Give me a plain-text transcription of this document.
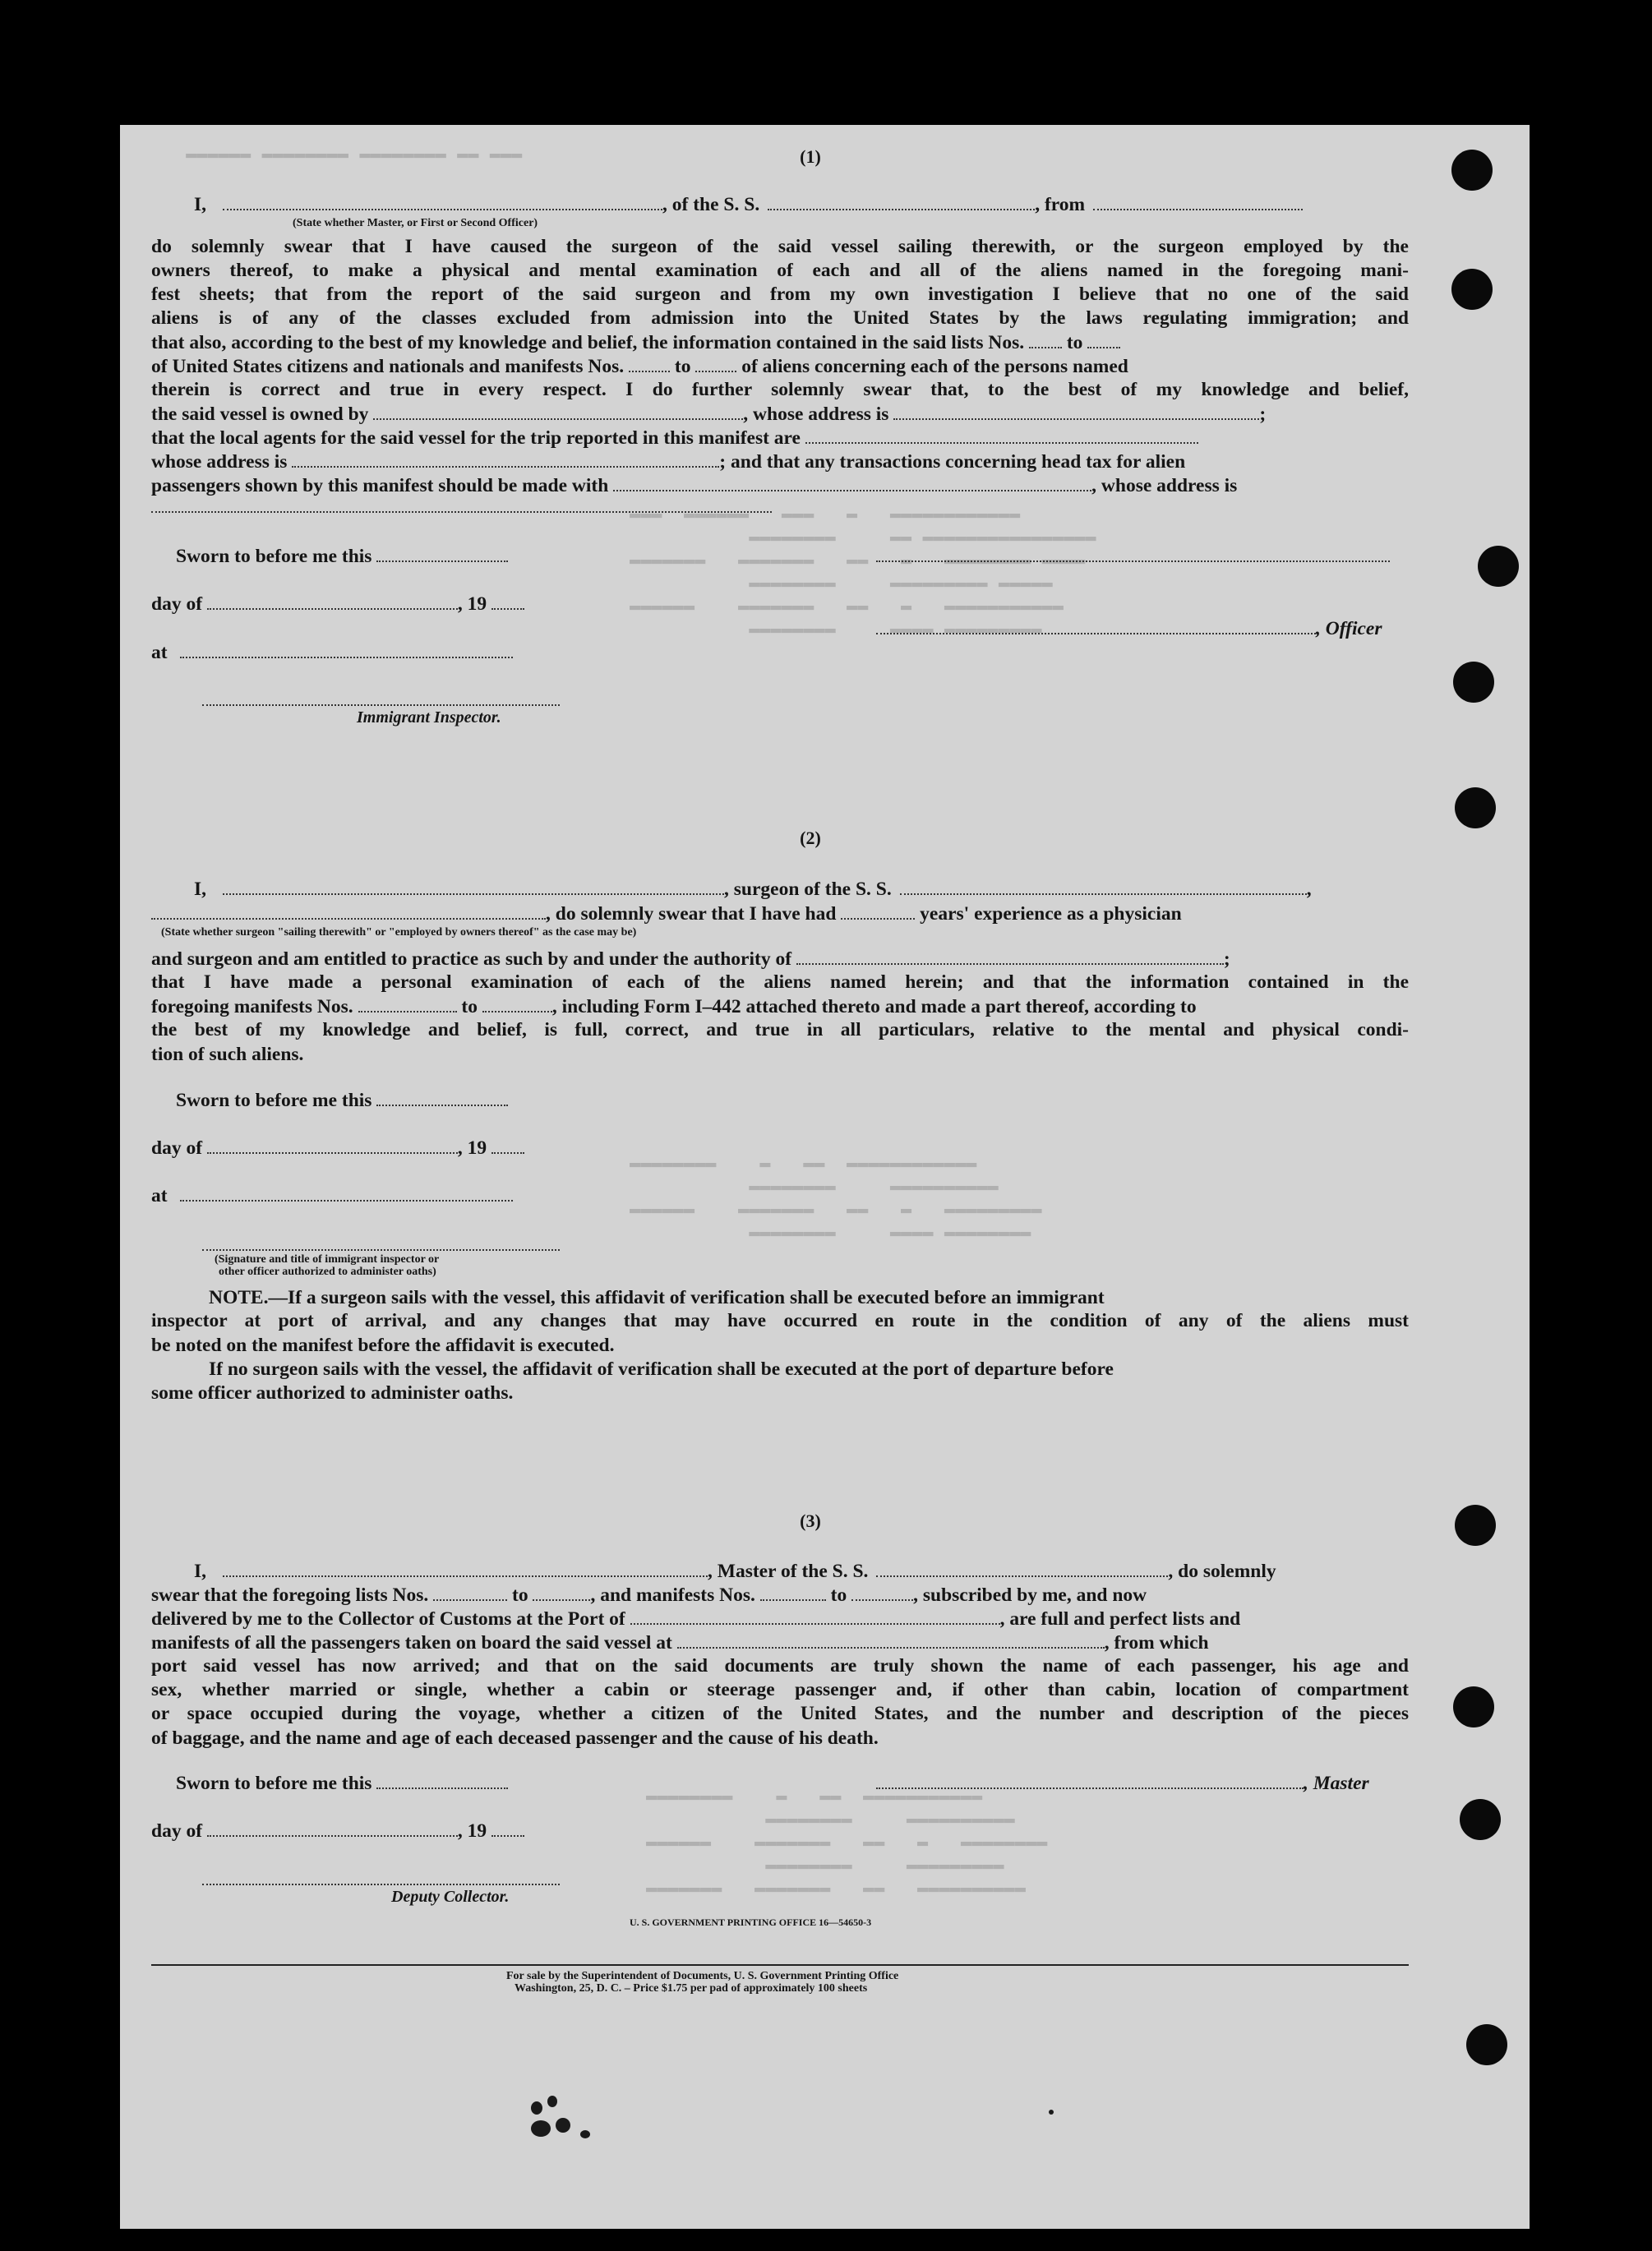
▬▬▬ ▬▬ ▬▬▬▬▬▬▬▬ ▬▬▬▬▬▬▬▬ ▬▬▬▬▬▬
▬▬▬  ▬▬▬▬▬▬   ▬▬▬   ▬   ▬▬▬▬▬▬▬▬▬▬▬▬
▬▬▬▬▬▬▬▬     ▬▬ ▬▬▬▬▬▬▬▬▬▬▬▬▬▬▬▬
▬▬▬▬▬▬▬   ▬▬▬▬▬▬▬   ▬▬   ▬   ▬▬▬▬▬▬▬▬ ▬▬▬▬
▬▬▬▬▬▬▬▬     ▬▬▬▬▬▬▬▬▬ ▬▬▬▬▬
▬▬▬▬▬▬    ▬▬▬▬▬▬▬   ▬▬   ▬   ▬▬▬▬▬▬▬▬▬▬▬
▬▬▬▬▬▬▬▬     ▬▬▬▬ ▬▬▬▬▬▬▬▬▬
▬▬▬▬▬▬▬▬    ▬   ▬▬  ▬▬▬▬▬▬▬▬▬▬▬▬
▬▬▬▬▬▬▬▬     ▬▬▬▬▬▬▬▬▬▬
▬▬▬▬▬▬    ▬▬▬▬▬▬▬   ▬▬   ▬   ▬▬▬▬▬▬▬▬▬
▬▬▬▬▬▬▬▬     ▬▬▬▬ ▬▬▬▬▬▬▬▬
▬▬▬▬▬▬▬▬    ▬   ▬▬  ▬▬▬▬▬▬▬▬▬▬▬
▬▬▬▬▬▬▬▬     ▬▬▬▬▬▬▬▬▬▬
▬▬▬▬▬▬    ▬▬▬▬▬▬▬   ▬▬   ▬   ▬▬▬▬▬▬▬▬
▬▬▬▬▬▬▬▬     ▬▬▬▬▬▬▬▬▬
▬▬▬▬▬▬▬   ▬▬▬▬▬▬▬   ▬▬   ▬▬▬▬▬▬▬▬▬▬
(1)
I,	, of the S. S.	, from
(State whether Master, or First or Second Officer)
do solemnly swear that I have caused the surgeon of the said vessel sailing therewith, or the surgeon employed by the
owners thereof, to make a physical and mental examination of each and all of the aliens named in the foregoing mani-
fest sheets; that from the report of the said surgeon and from my own investigation I believe that no one of the said
aliens is of any of the classes excluded from admission into the United States by the laws regulating immigration; and
that also, according to the best of my knowledge and belief, the information contained in the said lists Nos. to
of United States citizens and nationals and manifests Nos.	to	of aliens concerning each of the persons named
therein is correct and true in every respect. I do further solemnly swear that, to the best of my knowledge and belief,
the said vessel is owned by	, whose address is	;
that the local agents for the said vessel for the trip reported in this manifest are
whose address is	; and that any transactions concerning head tax for alien
passengers shown by this manifest should be made with	, whose address is
Sworn to before me this
day of	, 19
, Officer
at
Immigrant Inspector.
(2)
I,	, surgeon of the S. S.	,
, do solemnly swear that I have had	years' experience as a physician
(State whether surgeon "sailing therewith" or "employed by owners thereof" as the case may be)
and surgeon and am entitled to practice as such by and under the authority of	;
that I have made a personal examination of each of the aliens named herein; and that the information contained in the
foregoing manifests Nos.	to	, including Form I–442 attached thereto and made a part thereof, according to
the best of my knowledge and belief, is full, correct, and true in all particulars, relative to the mental and physical condi-
tion of such aliens.
Sworn to before me this
day of	, 19
at
(Signature and title of immigrant inspector or
other officer authorized to administer oaths)
NOTE.—If a surgeon sails with the vessel, this affidavit of verification shall be executed before an immigrant
inspector at port of arrival, and any changes that may have occurred en route in the condition of any of the aliens must
be noted on the manifest before the affidavit is executed.
If no surgeon sails with the vessel, the affidavit of verification shall be executed at the port of departure before
some officer authorized to administer oaths.
(3)
I,	, Master of the S. S.	, do solemnly
swear that the foregoing lists Nos.	to	, and manifests Nos.	to	, subscribed by me, and now
delivered by me to the Collector of Customs at the Port of	, are full and perfect lists and
manifests of all the passengers taken on board the said vessel at	, from which
port said vessel has now arrived; and that on the said documents are truly shown the name of each passenger, his age and
sex, whether married or single, whether a cabin or steerage passenger and, if other than cabin, location of compartment
or space occupied during the voyage, whether a citizen of the United States, and the number and description of the pieces
of baggage, and the name and age of each deceased passenger and the cause of his death.
Sworn to before me this	, Master
day of	, 19
Deputy Collector.
U. S. GOVERNMENT PRINTING OFFICE 16—54650-3
For sale by the Superintendent of Documents, U. S. Government Printing Office
Washington, 25, D. C. – Price $1.75 per pad of approximately 100 sheets
